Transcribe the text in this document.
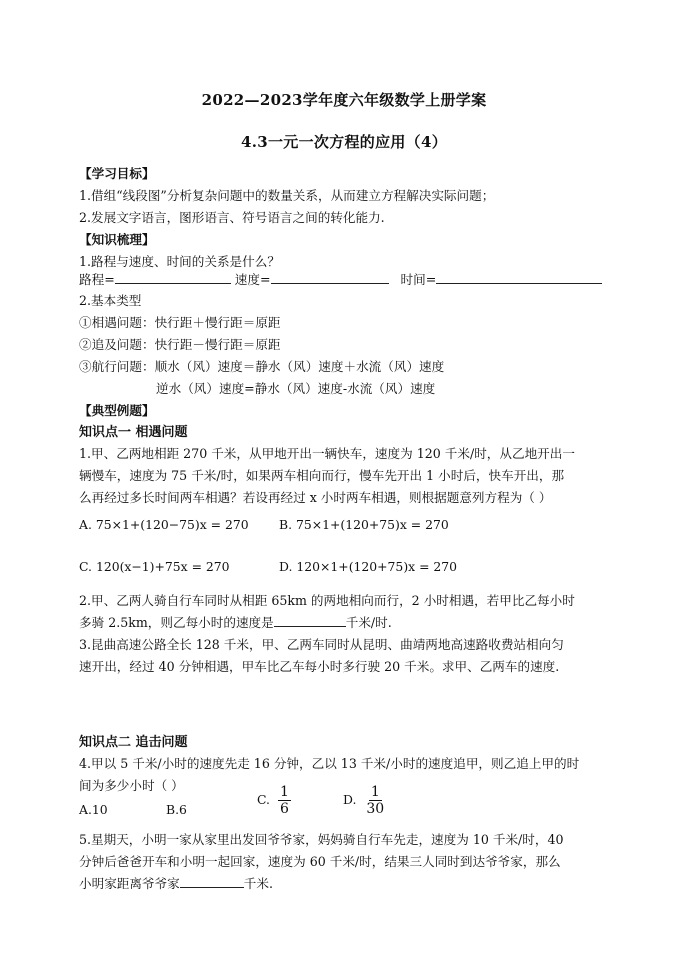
2022—2023学年度六年级数学上册学案
4.3一元一次方程的应用（4）
【学习目标】
1.借组“线段图”分析复杂问题中的数量关系，从而建立方程解决实际问题；
2.发展文字语言，图形语言、符号语言之间的转化能力.
【知识梳理】
1.路程与速度、时间的关系是什么？
路程=	速度=	时间=
2.基本类型
①相遇问题：快行距＋慢行距＝原距
②追及问题：快行距－慢行距＝原距
③航行问题：顺水（风）速度＝静水（风）速度＋水流（风）速度
逆水（风）速度=静水（风）速度-水流（风）速度
【典型例题】
知识点一 相遇问题
1.甲、乙两地相距 270 千米，从甲地开出一辆快车，速度为 120 千米/时，从乙地开出一
辆慢车，速度为 75 千米/时，如果两车相向而行，慢车先开出 1 小时后，快车开出，那
么再经过多长时间两车相遇？若设再经过 x 小时两车相遇，则根据题意列方程为（ ）
A. 75×1+(120−75)x = 270 B. 75×1+(120+75)x = 270
C. 120(x−1)+75x = 270	D. 120×1+(120+75)x = 270
2.甲、乙两人骑自行车同时从相距 65km 的两地相向而行，2 小时相遇，若甲比乙每小时
多骑 2.5km，则乙每小时的速度是	千米/时.
3.昆曲高速公路全长 128 千米，甲、乙两车同时从昆明、曲靖两地高速路收费站相向匀
速开出，经过 40 分钟相遇，甲车比乙车每小时多行驶 20 千米。求甲、乙两车的速度.
知识点二 追击问题
4.甲以 5 千米/小时的速度先走 16 分钟，乙以 13 千米/小时的速度追甲，则乙追上甲的时
间为多少小时（ ）
A.10	B.6
C. $\frac{1}{6}$	D. $\frac{1}{30}$
5.星期天，小明一家从家里出发回爷爷家，妈妈骑自行车先走，速度为 10 千米/时，40
分钟后爸爸开车和小明一起回家，速度为 60 千米/时，结果三人同时到达爷爷家，那么
小明家距离爷爷家	千米.
